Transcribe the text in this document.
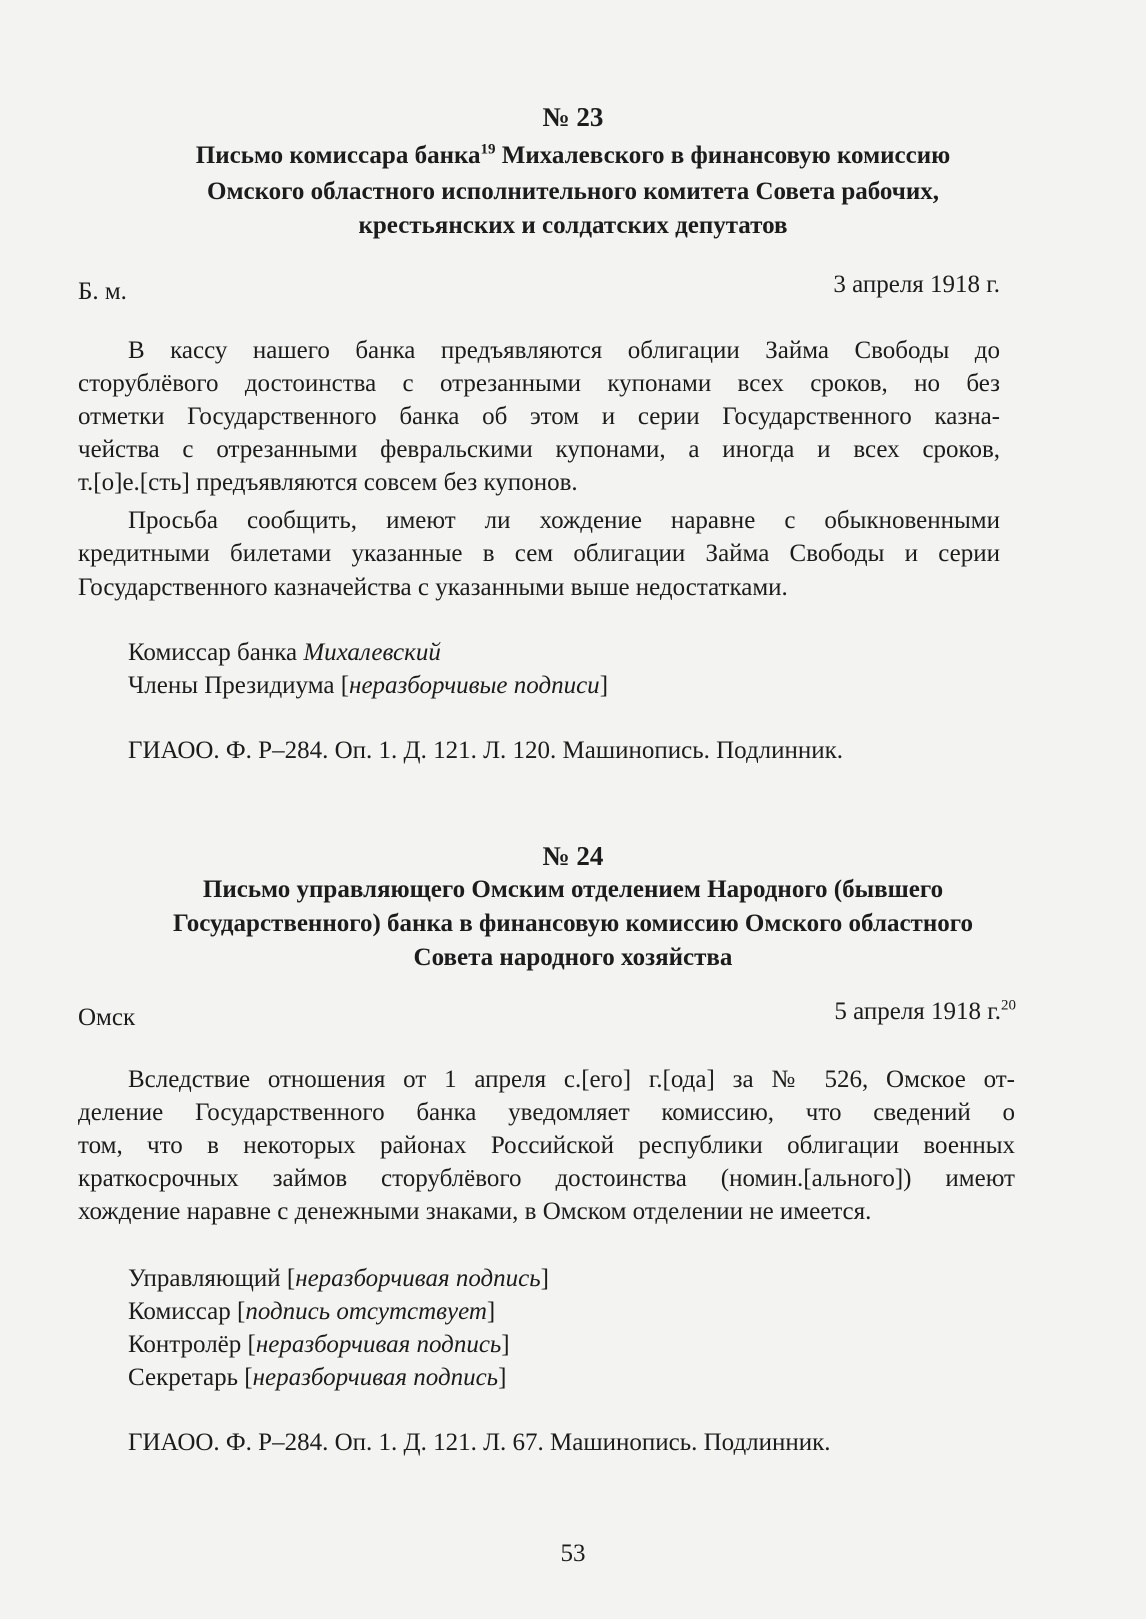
№ 23
Письмо комиссара банка$^{19}$ Михалевского в финансовую комиссию
Омского областного исполнительного комитета Совета рабочих,
крестьянских и солдатских депутатов
Б. м.	3 апреля 1918 г.
В кассу нашего банка предъявляются облигации Займа Свободы до
сторублёвого достоинства с отрезанными купонами всех сроков, но без
отметки Государственного банка об этом и серии Государственного казна-
чейства с отрезанными февральскими купонами, а иногда и всех сроков,
т.[о]е.[сть] предъявляются совсем без купонов.
Просьба сообщить, имеют ли хождение наравне с обыкновенными
кредитными билетами указанные в сем облигации Займа Свободы и серии
Государственного казначейства с указанными выше недостатками.
Комиссар банка Михалевский
Члены Президиума [неразборчивые подписи]
ГИАОО. Ф. Р–284. Оп. 1. Д. 121. Л. 120. Машинопись. Подлинник.
№ 24
Письмо управляющего Омским отделением Народного (бывшего
Государственного) банка в финансовую комиссию Омского областного
Совета народного хозяйства
Омск	5 апреля 1918 г.$^{20}$
Вследствие отношения от 1 апреля с.[его] г.[ода] за № 526, Омское от-
деление Государственного банка уведомляет комиссию, что сведений о
том, что в некоторых районах Российской республики облигации военных
краткосрочных займов сторублёвого достоинства (номин.[ального]) имеют
хождение наравне с денежными знаками, в Омском отделении не имеется.
Управляющий [неразборчивая подпись]
Комиссар [подпись отсутствует]
Контролёр [неразборчивая подпись]
Секретарь [неразборчивая подпись]
ГИАОО. Ф. Р–284. Оп. 1. Д. 121. Л. 67. Машинопись. Подлинник.
53
